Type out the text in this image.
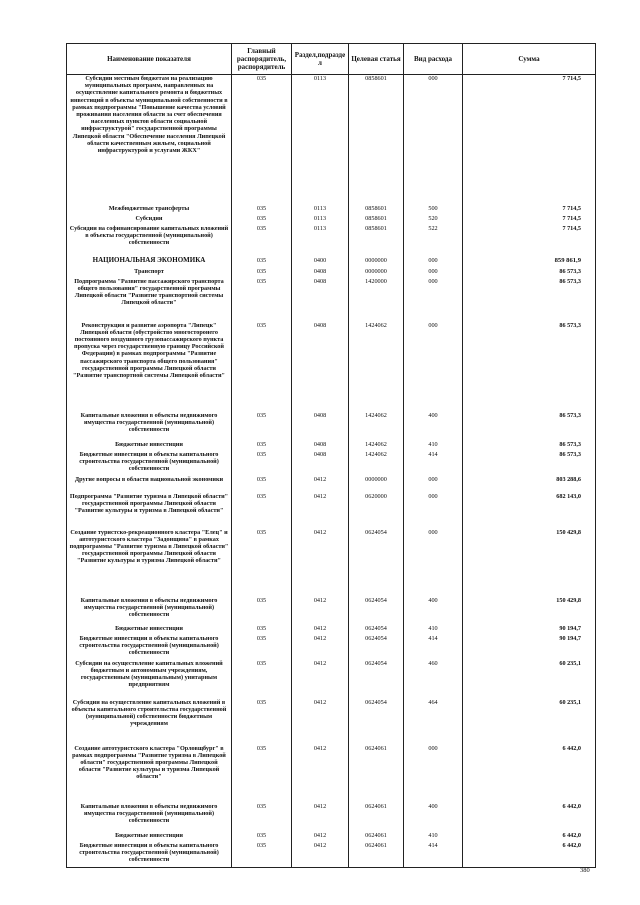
Наименование показателя	Главный распорядитель, распорядитель	Раздел,подраздел	Целевая статья	Вид расхода	Сумма
Субсидии местным бюджетам на реализацию муниципальных программ, направленных на осуществление капитального ремонта и бюджетных инвестиций в объекты муниципальной собственности в рамках подпрограммы "Повышение качества условий проживания населения области за счет обеспечения населенных пунктов области социальной инфраструктурой" государственной программы Липецкой области "Обеспечение населения Липецкой области качественным жильем, социальной инфраструктурой и услугами ЖКХ"	035	0113	0858601	000	7 714,5
Межбюджетные трансферты	035	0113	0858601	500	7 714,5
Субсидии	035	0113	0858601	520	7 714,5
Субсидии на софинансирование капитальных вложений в объекты государственной (муниципальной) собственности	035	0113	0858601	522	7 714,5
НАЦИОНАЛЬНАЯ ЭКОНОМИКА	035	0400	0000000	000	859 861,9
Транспорт	035	0408	0000000	000	86 573,3
Подпрограмма "Развитие пассажирского транспорта общего пользования" государственной программы Липецкой области "Развитие транспортной системы Липецкой области"	035	0408	1420000	000	86 573,3
Реконструкция и развитие аэропорта "Липецк" Липецкой области (обустройство многосторонего постоянного воздушного грузопассажирского пункта пропуска через государственную границу Российской Федерации) в рамках подпрограммы "Развитие пассажирского транспорта общего пользования" государственной программы Липецкой области "Развитие транспортной системы Липецкой области"	035	0408	1424062	000	86 573,3
Капитальные вложения в объекты недвижимого имущества государственной (муниципальной) собственности	035	0408	1424062	400	86 573,3
Бюджетные инвестиции	035	0408	1424062	410	86 573,3
Бюджетные инвестиции в объекты капитального строительства государственной (муниципальной) собственности	035	0408	1424062	414	86 573,3
Другие вопросы в области национальной экономики	035	0412	0000000	000	803 288,6
Подпрограмма "Развитие туризма в Липецкой области" государственной программы Липецкой области "Развитие культуры и туризма в Липецкой области"	035	0412	0620000	000	682 143,0
Создание туристско-рекреационного кластера "Елец" и автотуристского кластера "Задонщина" в рамках подпрограммы "Развитие туризма в Липецкой области" государственной программы Липецкой области "Развитие культуры и туризма Липецкой области"	035	0412	0624054	000	150 429,8
Капитальные вложения в объекты недвижимого имущества государственной (муниципальной) собственности	035	0412	0624054	400	150 429,8
Бюджетные инвестиции	035	0412	0624054	410	90 194,7
Бюджетные инвестиции в объекты капитального строительства государственной (муниципальной) собственности	035	0412	0624054	414	90 194,7
Субсидии на осуществление капитальных вложений бюджетным и автономным учреждениям, государственным (муниципальным) унитарным предприятиям	035	0412	0624054	460	60 235,1
Субсидии на осуществление капитальных вложений в объекты капитального строительства государственной (муниципальной) собственности бюджетным учреждениям	035	0412	0624054	464	60 235,1
Создание автотуристского кластера "Орловщбург" в рамках подпрограммы "Развитие туризма в Липецкой области" государственной программы Липецкой области "Развитие культуры и туризма Липецкой области"	035	0412	0624061	000	6 442,0
Капитальные вложения в объекты недвижимого имущества государственной (муниципальной) собственности	035	0412	0624061	400	6 442,0
Бюджетные инвестиции	035	0412	0624061	410	6 442,0
Бюджетные инвестиции в объекты капитального строительства государственной (муниципальной) собственности	035	0412	0624061	414	6 442,0
380
